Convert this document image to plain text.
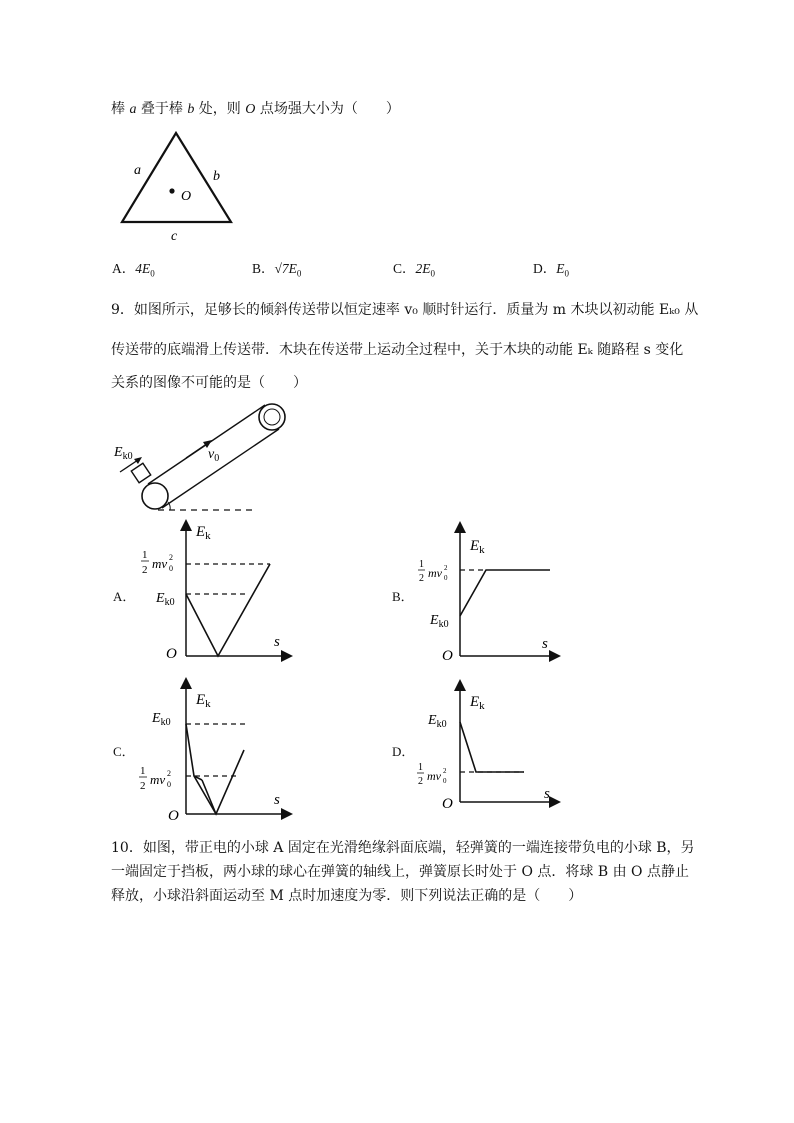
棒 a 叠于棒 b 处，则 O 点场强大小为（　　）
a	b
O
c
A．$4E_0$	B．$√7E_0$	C．$2E_0$	D．$E_0$
9．如图所示，足够长的倾斜传送带以恒定速率 v₀ 顺时针运行．质量为 m 木块以初动能 Eₖ₀ 从
传送带的底端滑上传送带．木块在传送带上运动全过程中，关于木块的动能 Eₖ 随路程 s 变化
关系的图像不可能的是（　　）
$E_{k0}$	$v_0$
A．
$E_k$
s
O
$E_{k0}$
1
2 mv 0
2
B．
$E_k$
s
O
$E_{k0}$
1
2 mv 0
2
C．
$E_k$
s
O
$E_{k0}$
1
2 mv 0
2
D．
$E_k$
s
O
$E_{k0}$
1
2 mv 0
2
10．如图，带正电的小球 A 固定在光滑绝缘斜面底端，轻弹簧的一端连接带负电的小球 B，另
一端固定于挡板，两小球的球心在弹簧的轴线上，弹簧原长时处于 O 点．将球 B 由 O 点静止
释放，小球沿斜面运动至 M 点时加速度为零．则下列说法正确的是（　　）
